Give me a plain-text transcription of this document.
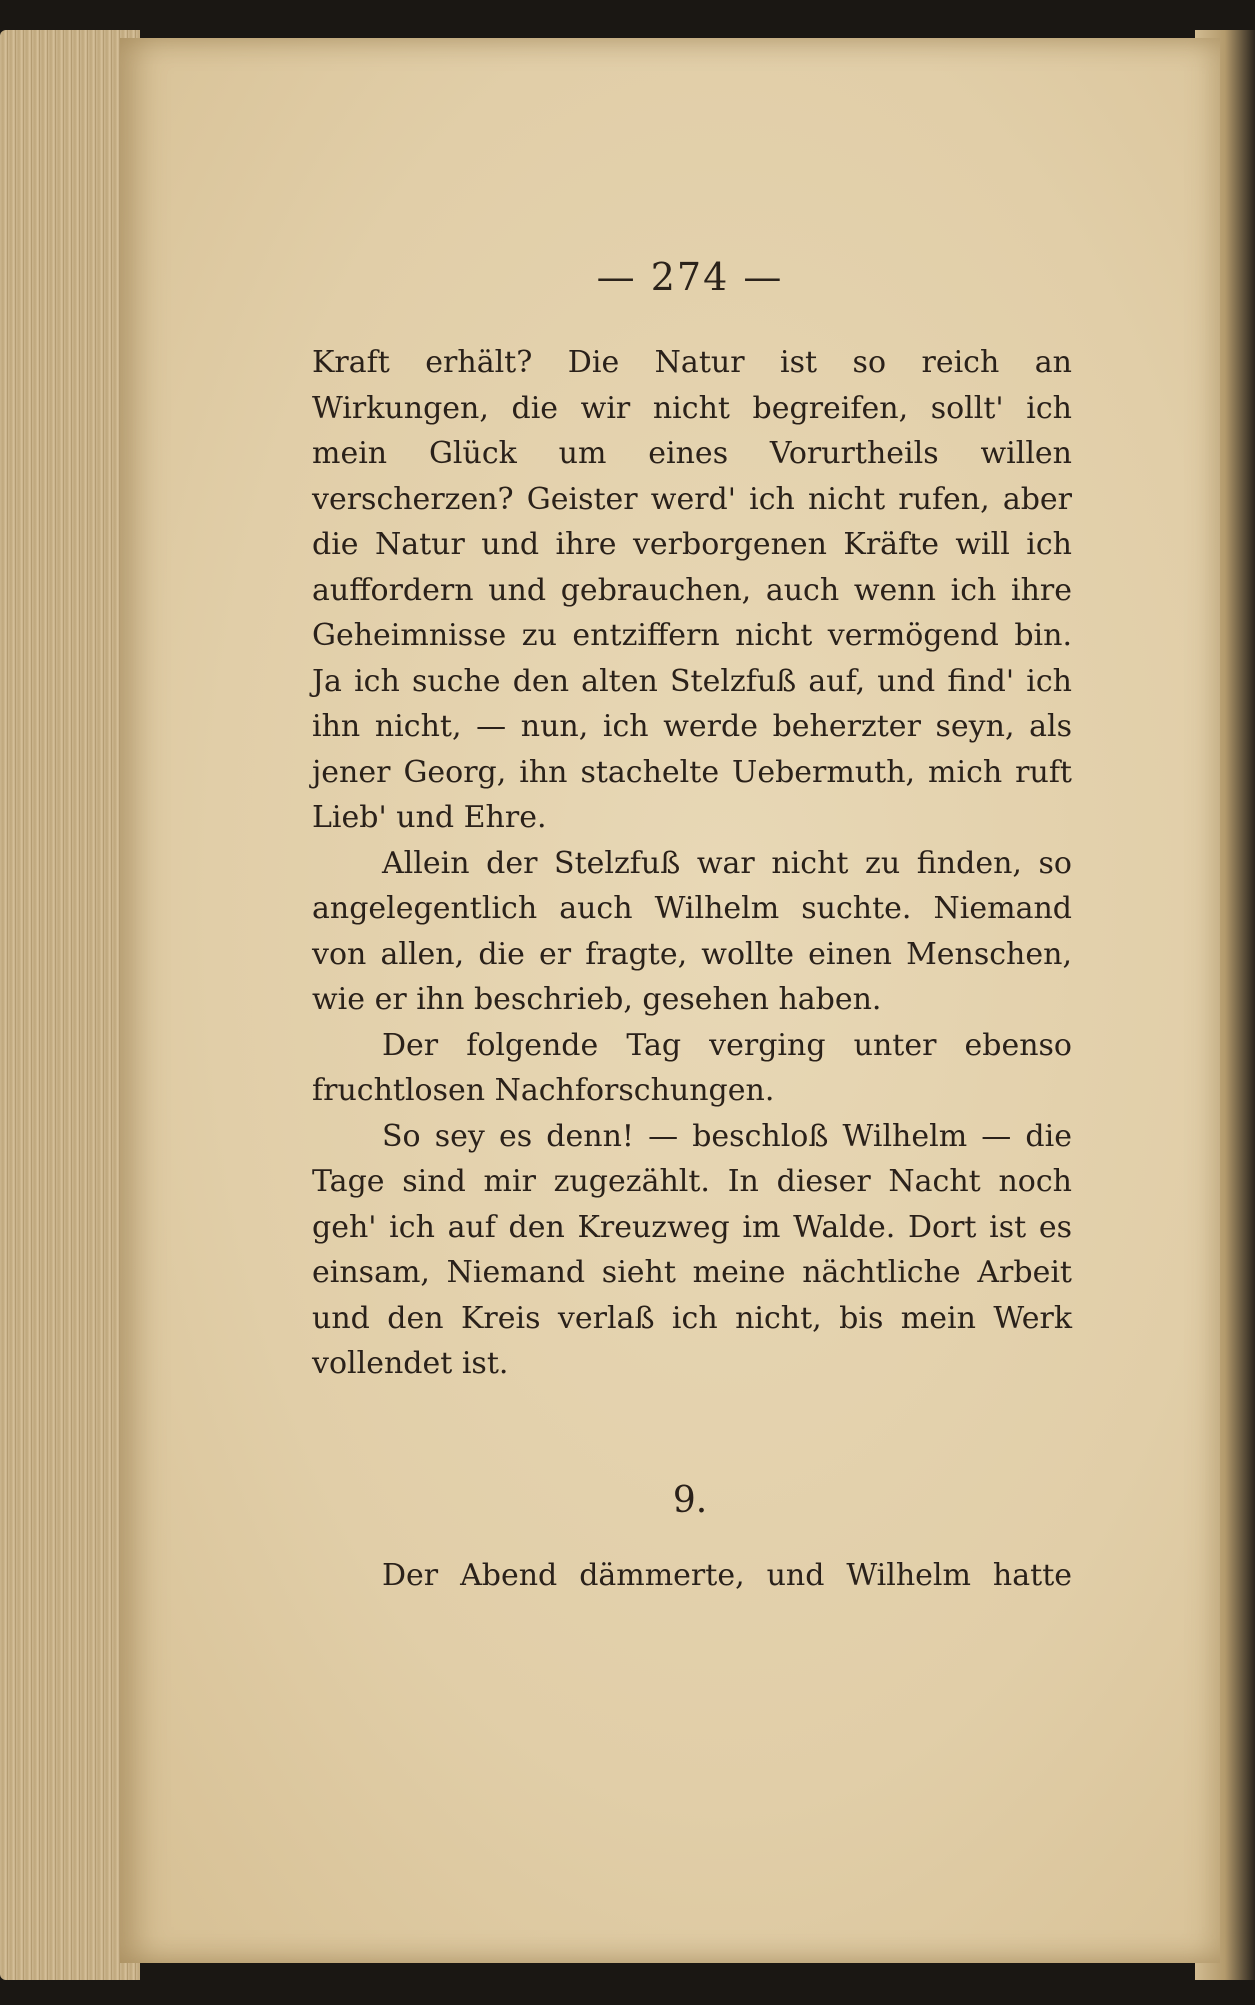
— 274 —

Kraft erhält? Die Natur ist so reich an Wirkungen, die wir nicht begreifen, sollt' ich mein Glück um eines Vorurtheils willen verscherzen? Geister werd' ich nicht rufen, aber die Natur und ihre verborgenen Kräfte will ich auffordern und gebrauchen, auch wenn ich ihre Geheimnisse zu entziffern nicht vermögend bin. Ja ich suche den alten Stelzfuß auf, und find' ich ihn nicht, — nun, ich werde beherzter seyn, als jener Georg, ihn stachelte Uebermuth, mich ruft Lieb' und Ehre.

Allein der Stelzfuß war nicht zu finden, so angelegentlich auch Wilhelm suchte. Niemand von allen, die er fragte, wollte einen Menschen, wie er ihn beschrieb, gesehen haben.

Der folgende Tag verging unter ebenso fruchtlosen Nachforschungen.

So sey es denn! — beschloß Wilhelm — die Tage sind mir zugezählt. In dieser Nacht noch geh' ich auf den Kreuzweg im Walde. Dort ist es einsam, Niemand sieht meine nächtliche Arbeit und den Kreis verlaß ich nicht, bis mein Werk vollendet ist.

9.
Der Abend dämmerte, und Wilhelm hatte
